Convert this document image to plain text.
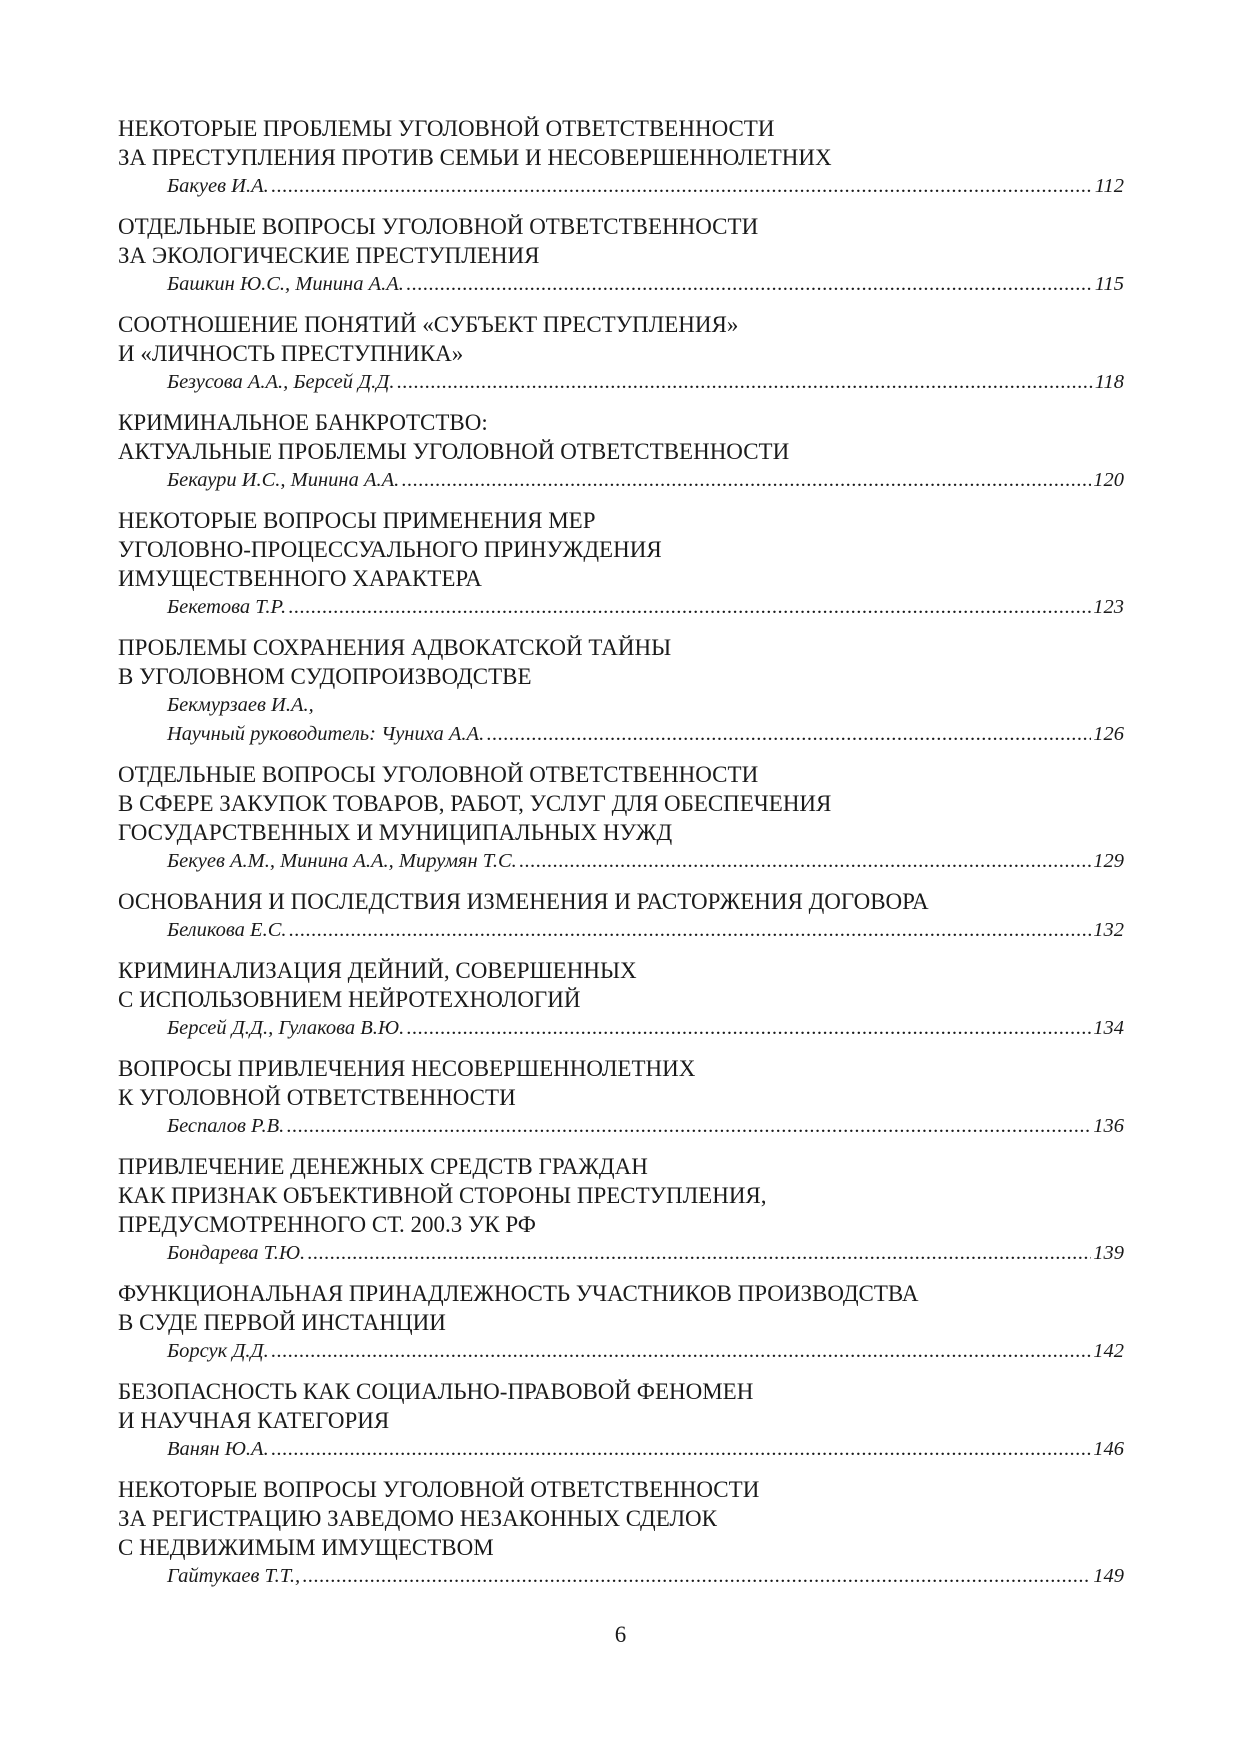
НЕКОТОРЫЕ ПРОБЛЕМЫ УГОЛОВНОЙ ОТВЕТСТВЕННОСТИ
ЗА ПРЕСТУПЛЕНИЯ ПРОТИВ СЕМЬИ И НЕСОВЕРШЕННОЛЕТНИХ
Бакуев И.А. .....	112
ОТДЕЛЬНЫЕ ВОПРОСЫ УГОЛОВНОЙ ОТВЕТСТВЕННОСТИ
ЗА ЭКОЛОГИЧЕСКИЕ ПРЕСТУПЛЕНИЯ
Башкин Ю.С., Минина А.А. .....	115
СООТНОШЕНИЕ ПОНЯТИЙ «СУБЪЕКТ ПРЕСТУПЛЕНИЯ»
И «ЛИЧНОСТЬ ПРЕСТУПНИКА»
Безусова А.А., Берсей Д.Д. .....	118
КРИМИНАЛЬНОЕ БАНКРОТСТВО:
АКТУАЛЬНЫЕ ПРОБЛЕМЫ УГОЛОВНОЙ ОТВЕТСТВЕННОСТИ
Бекаури И.С., Минина А.А. .....	120
НЕКОТОРЫЕ ВОПРОСЫ ПРИМЕНЕНИЯ МЕР
УГОЛОВНО-ПРОЦЕССУАЛЬНОГО ПРИНУЖДЕНИЯ
ИМУЩЕСТВЕННОГО ХАРАКТЕРА
Бекетова Т.Р. .....	123
ПРОБЛЕМЫ СОХРАНЕНИЯ АДВОКАТСКОЙ ТАЙНЫ
В УГОЛОВНОМ СУДОПРОИЗВОДСТВЕ
Бекмурзаев И.А.,
Научный руководитель: Чуниха А.А. .....	126
ОТДЕЛЬНЫЕ ВОПРОСЫ УГОЛОВНОЙ ОТВЕТСТВЕННОСТИ
В СФЕРЕ ЗАКУПОК ТОВАРОВ, РАБОТ, УСЛУГ ДЛЯ ОБЕСПЕЧЕНИЯ
ГОСУДАРСТВЕННЫХ И МУНИЦИПАЛЬНЫХ НУЖД
Бекуев А.М., Минина А.А., Мирумян Т.С. .....	129
ОСНОВАНИЯ И ПОСЛЕДСТВИЯ ИЗМЕНЕНИЯ И РАСТОРЖЕНИЯ ДОГОВОРА
Беликова Е.С. .....	132
КРИМИНАЛИЗАЦИЯ ДЕЙНИЙ, СОВЕРШЕННЫХ
С ИСПОЛЬЗОВНИЕМ НЕЙРОТЕХНОЛОГИЙ
Берсей Д.Д., Гулакова В.Ю. .....	134
ВОПРОСЫ ПРИВЛЕЧЕНИЯ НЕСОВЕРШЕННОЛЕТНИХ
К УГОЛОВНОЙ ОТВЕТСТВЕННОСТИ
Беспалов Р.В. .....	136
ПРИВЛЕЧЕНИЕ ДЕНЕЖНЫХ СРЕДСТВ ГРАЖДАН
КАК ПРИЗНАК ОБЪЕКТИВНОЙ СТОРОНЫ ПРЕСТУПЛЕНИЯ,
ПРЕДУСМОТРЕННОГО СТ. 200.3 УК РФ
Бондарева Т.Ю. .....	139
ФУНКЦИОНАЛЬНАЯ ПРИНАДЛЕЖНОСТЬ УЧАСТНИКОВ ПРОИЗВОДСТВА
В СУДЕ ПЕРВОЙ ИНСТАНЦИИ
Борсук Д.Д. .....	142
БЕЗОПАСНОСТЬ КАК СОЦИАЛЬНО-ПРАВОВОЙ ФЕНОМЕН
И НАУЧНАЯ КАТЕГОРИЯ
Ванян Ю.А. .....	146
НЕКОТОРЫЕ ВОПРОСЫ УГОЛОВНОЙ ОТВЕТСТВЕННОСТИ
ЗА РЕГИСТРАЦИЮ ЗАВЕДОМО НЕЗАКОННЫХ СДЕЛОК
С НЕДВИЖИМЫМ ИМУЩЕСТВОМ
Гайтукаев Т.Т., .....	149
6
